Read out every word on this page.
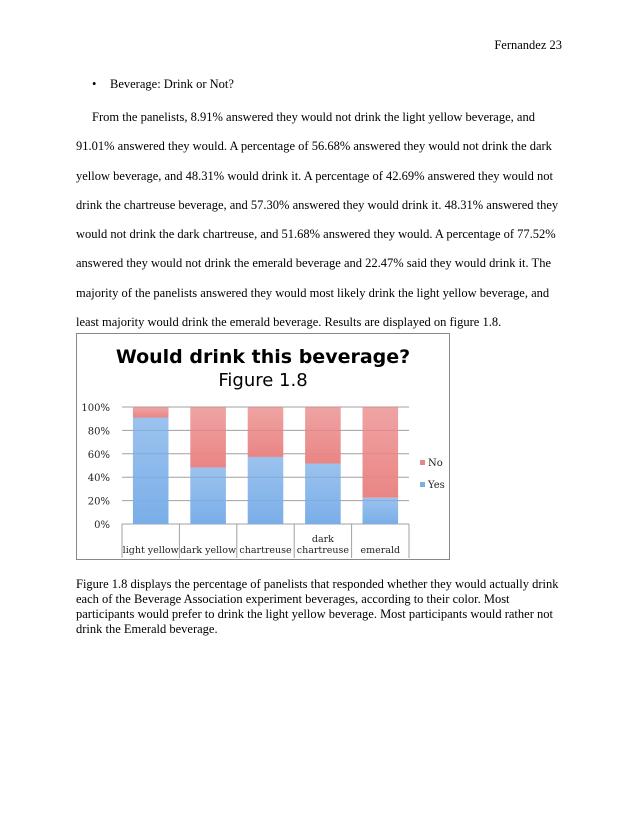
Fernandez 23
• Beverage: Drink or Not?

From the panelists, 8.91% answered they would not drink the light yellow beverage, and 91.01% answered they would. A percentage of 56.68% answered they would not drink the dark yellow beverage, and 48.31% would drink it. A percentage of 42.69% answered they would not drink the chartreuse beverage, and 57.30% answered they would drink it. 48.31% answered they would not drink the dark chartreuse, and 51.68% answered they would. A percentage of 77.52% answered they would not drink the emerald beverage and 22.47% said they would drink it. The majority of the panelists answered they would most likely drink the light yellow beverage, and least majority would drink the emerald beverage. Results are displayed on figure 1.8.

Would drink this beverage?
Figure 1.8
0%
20%
40%
60%
80%
100%
light yellow dark yellow chartreuse
dark
chartreuse emerald
No
Yes
Figure 1.8 displays the percentage of panelists that responded whether they would actually drink each of the Beverage Association experiment beverages, according to their color. Most participants would prefer to drink the light yellow beverage. Most participants would rather not drink the Emerald beverage.
